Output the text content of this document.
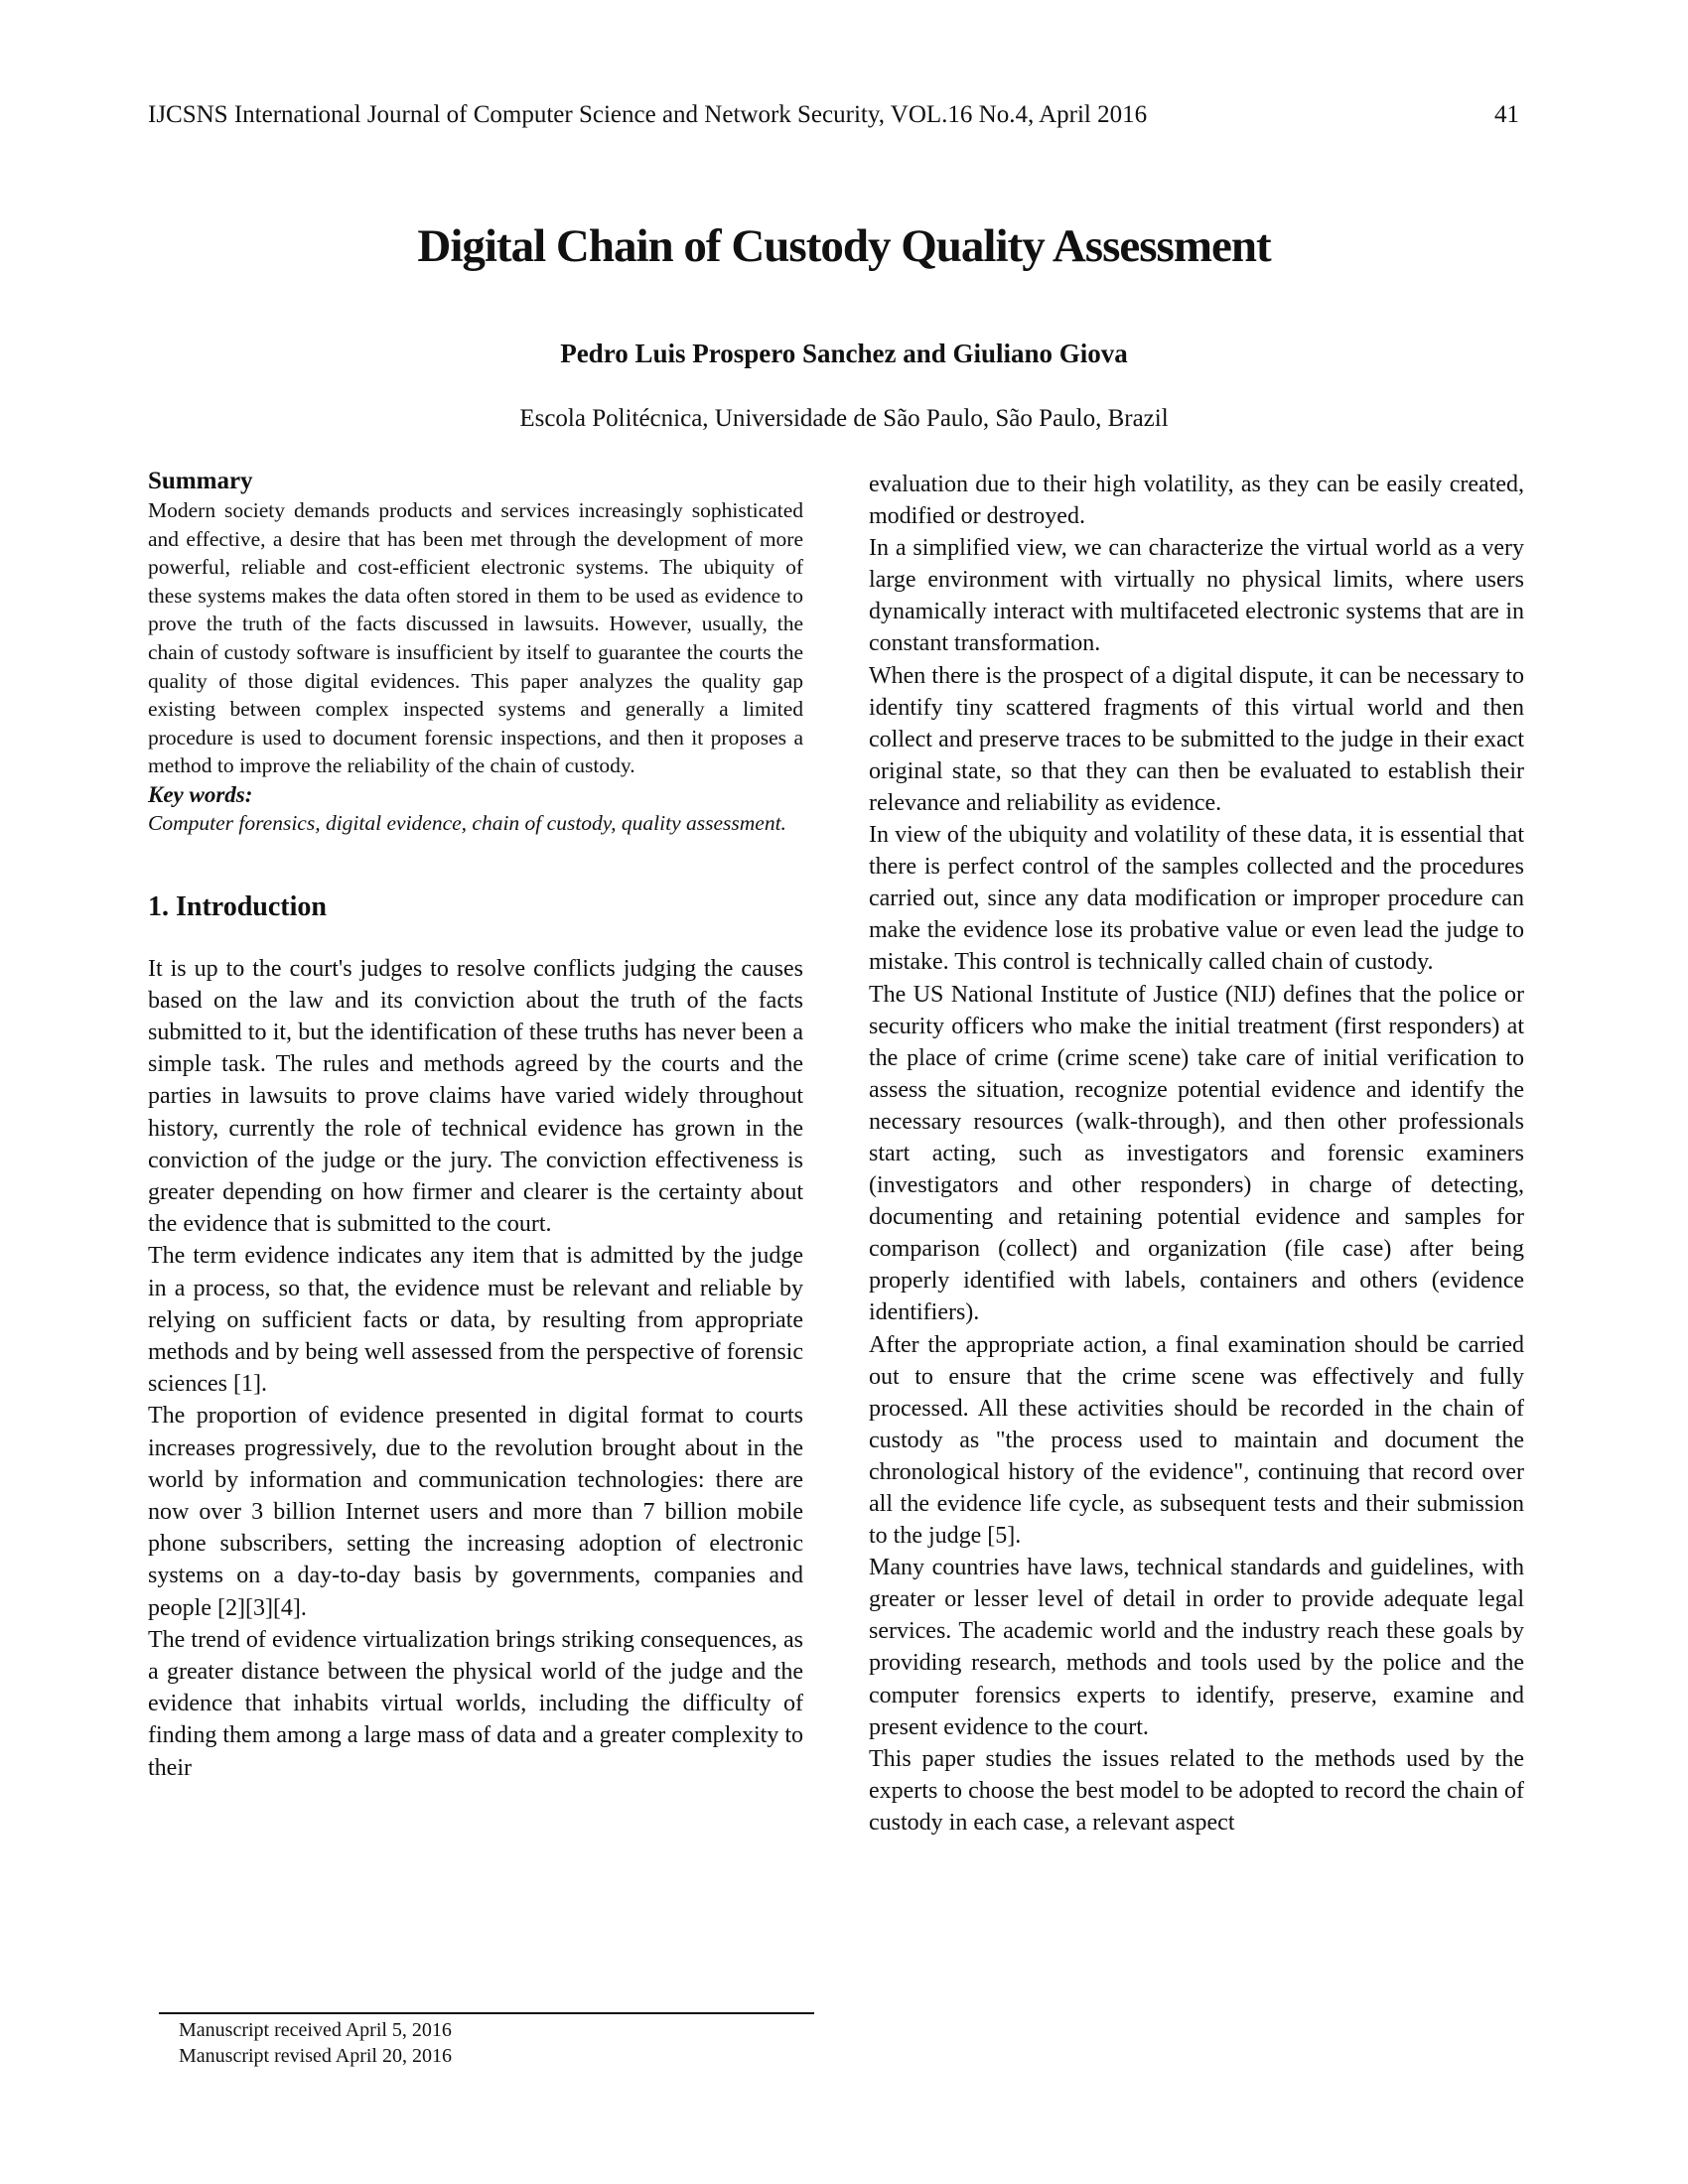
IJCSNS International Journal of Computer Science and Network Security, VOL.16 No.4, April 2016	41
Digital Chain of Custody Quality Assessment
Pedro Luis Prospero Sanchez and Giuliano Giova
Escola Politécnica, Universidade de São Paulo, São Paulo, Brazil

Summary

Modern society demands products and services increasingly sophisticated and effective, a desire that has been met through the development of more powerful, reliable and cost-efficient electronic systems. The ubiquity of these systems makes the data often stored in them to be used as evidence to prove the truth of the facts discussed in lawsuits. However, usually, the chain of custody software is insufficient by itself to guarantee the courts the quality of those digital evidences. This paper analyzes the quality gap existing between complex inspected systems and generally a limited procedure is used to document forensic inspections, and then it proposes a method to improve the reliability of the chain of custody.

Key words:

Computer forensics, digital evidence, chain of custody, quality assessment.

1. Introduction

It is up to the court's judges to resolve conflicts judging the causes based on the law and its conviction about the truth of the facts submitted to it, but the identification of these truths has never been a simple task. The rules and methods agreed by the courts and the parties in lawsuits to prove claims have varied widely throughout history, currently the role of technical evidence has grown in the conviction of the judge or the jury. The conviction effectiveness is greater depending on how firmer and clearer is the certainty about the evidence that is submitted to the court.

The term evidence indicates any item that is admitted by the judge in a process, so that, the evidence must be relevant and reliable by relying on sufficient facts or data, by resulting from appropriate methods and by being well assessed from the perspective of forensic sciences [1].

The proportion of evidence presented in digital format to courts increases progressively, due to the revolution brought about in the world by information and communication technologies: there are now over 3 billion Internet users and more than 7 billion mobile phone subscribers, setting the increasing adoption of electronic systems on a day-to-day basis by governments, companies and people [2][3][4].

The trend of evidence virtualization brings striking consequences, as a greater distance between the physical world of the judge and the evidence that inhabits virtual worlds, including the difficulty of finding them among a large mass of data and a greater complexity to their

evaluation due to their high volatility, as they can be easily created, modified or destroyed.

In a simplified view, we can characterize the virtual world as a very large environment with virtually no physical limits, where users dynamically interact with multifaceted electronic systems that are in constant transformation.

When there is the prospect of a digital dispute, it can be necessary to identify tiny scattered fragments of this virtual world and then collect and preserve traces to be submitted to the judge in their exact original state, so that they can then be evaluated to establish their relevance and reliability as evidence.

In view of the ubiquity and volatility of these data, it is essential that there is perfect control of the samples collected and the procedures carried out, since any data modification or improper procedure can make the evidence lose its probative value or even lead the judge to mistake. This control is technically called chain of custody.

The US National Institute of Justice (NIJ) defines that the police or security officers who make the initial treatment (first responders) at the place of crime (crime scene) take care of initial verification to assess the situation, recognize potential evidence and identify the necessary resources (walk-through), and then other professionals start acting, such as investigators and forensic examiners (investigators and other responders) in charge of detecting, documenting and retaining potential evidence and samples for comparison (collect) and organization (file case) after being properly identified with labels, containers and others (evidence identifiers).

After the appropriate action, a final examination should be carried out to ensure that the crime scene was effectively and fully processed. All these activities should be recorded in the chain of custody as "the process used to maintain and document the chronological history of the evidence", continuing that record over all the evidence life cycle, as subsequent tests and their submission to the judge [5].

Many countries have laws, technical standards and guidelines, with greater or lesser level of detail in order to provide adequate legal services. The academic world and the industry reach these goals by providing research, methods and tools used by the police and the computer forensics experts to identify, preserve, examine and present evidence to the court.

This paper studies the issues related to the methods used by the experts to choose the best model to be adopted to record the chain of custody in each case, a relevant aspect

Manuscript received April 5, 2016
Manuscript revised April 20, 2016
